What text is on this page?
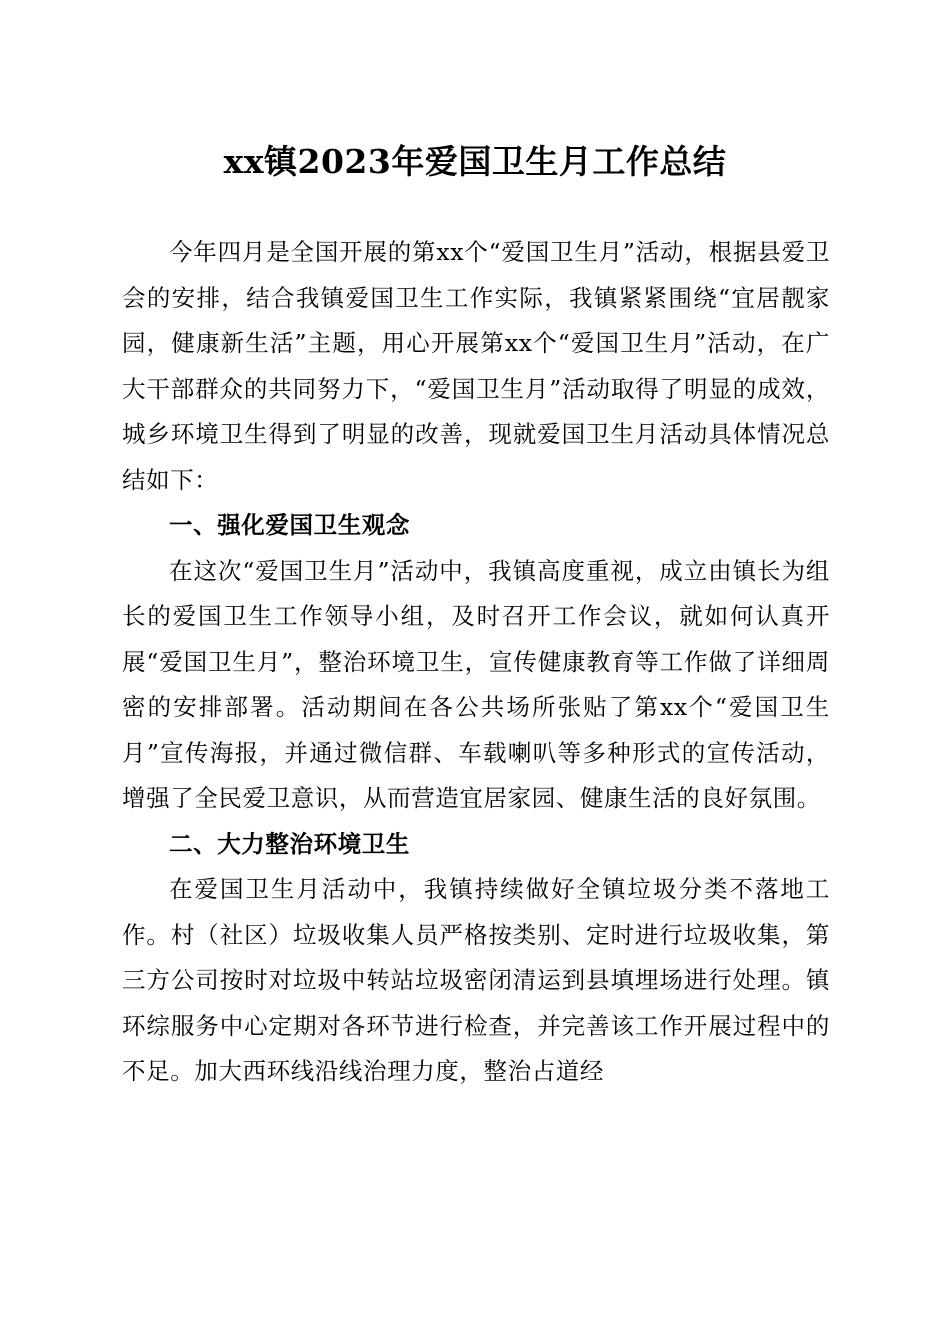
xx镇2023年爱国卫生月工作总结

今年四月是全国开展的第xx个“爱国卫生月”活动，根据县爱卫会的安排，结合我镇爱国卫生工作实际，我镇紧紧围绕“宜居靓家园，健康新生活”主题，用心开展第xx个“爱国卫生月”活动，在广大干部群众的共同努力下，“爱国卫生月”活动取得了明显的成效，城乡环境卫生得到了明显的改善，现就爱国卫生月活动具体情况总结如下：

一、强化爱国卫生观念

在这次“爱国卫生月”活动中，我镇高度重视，成立由镇长为组长的爱国卫生工作领导小组，及时召开工作会议，就如何认真开展“爱国卫生月”，整治环境卫生，宣传健康教育等工作做了详细周密的安排部署。活动期间在各公共场所张贴了第xx个“爱国卫生月”宣传海报，并通过微信群、车载喇叭等多种形式的宣传活动，增强了全民爱卫意识，从而营造宜居家园、健康生活的良好氛围。

二、大力整治环境卫生

在爱国卫生月活动中，我镇持续做好全镇垃圾分类不落地工作。村（社区）垃圾收集人员严格按类别、定时进行垃圾收集，第三方公司按时对垃圾中转站垃圾密闭清运到县填埋场进行处理。镇环综服务中心定期对各环节进行检查，并完善该工作开展过程中的不足。加大西环线沿线治理力度，整治占道经
